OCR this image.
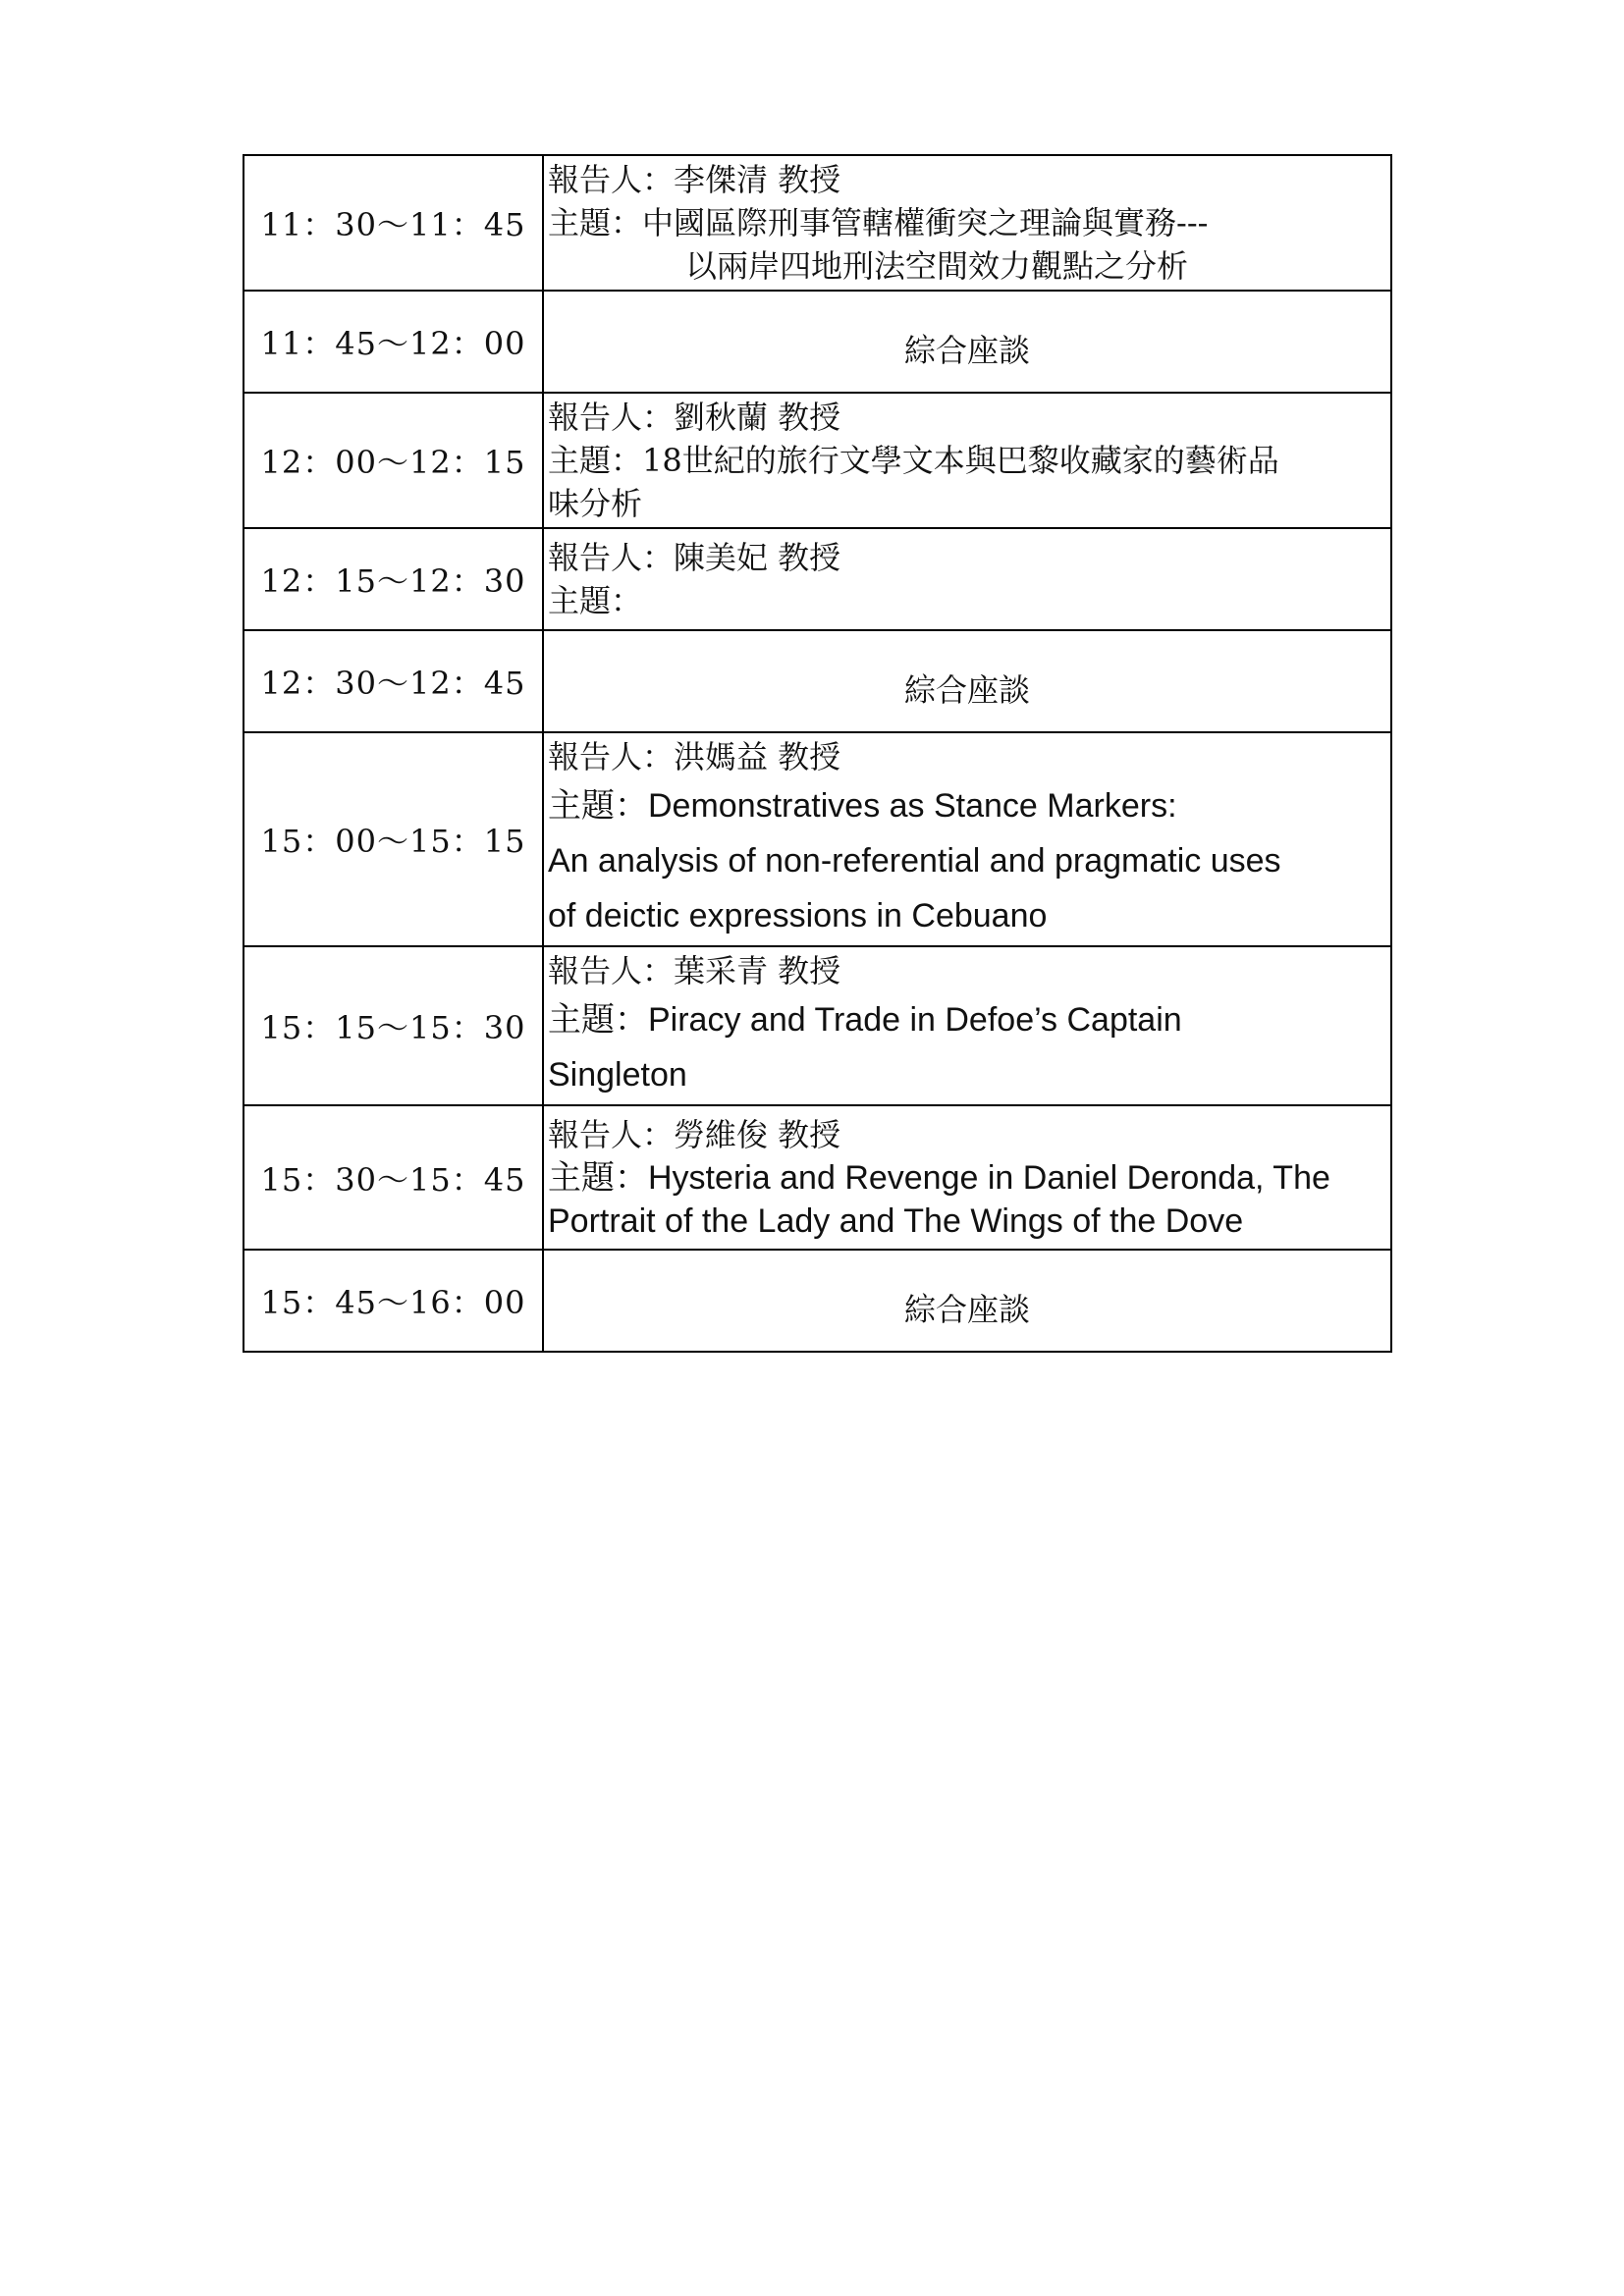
11：30～11：45	報告人：李傑清 教授
主題：中國區際刑事管轄權衝突之理論與實務---
以兩岸四地刑法空間效力觀點之分析

11：45～12：00	綜合座談
12：00～12：15	報告人：劉秋蘭 教授
主題：18世紀的旅行文學文本與巴黎收藏家的藝術品
味分析

12：15～12：30	報告人：陳美妃 教授
主題：

12：30～12：45	綜合座談
15：00～15：15	報告人：洪媽益 教授
主題：Demonstratives as Stance Markers:
An analysis of non-referential and pragmatic uses
of deictic expressions in Cebuano

15：15～15：30	報告人：葉采青 教授
主題：Piracy and Trade in Defoe’s Captain
Singleton

15：30～15：45	報告人：勞維俊 教授
主題：Hysteria and Revenge in Daniel Deronda, The
Portrait of the Lady and The Wings of the Dove

15：45～16：00	綜合座談
